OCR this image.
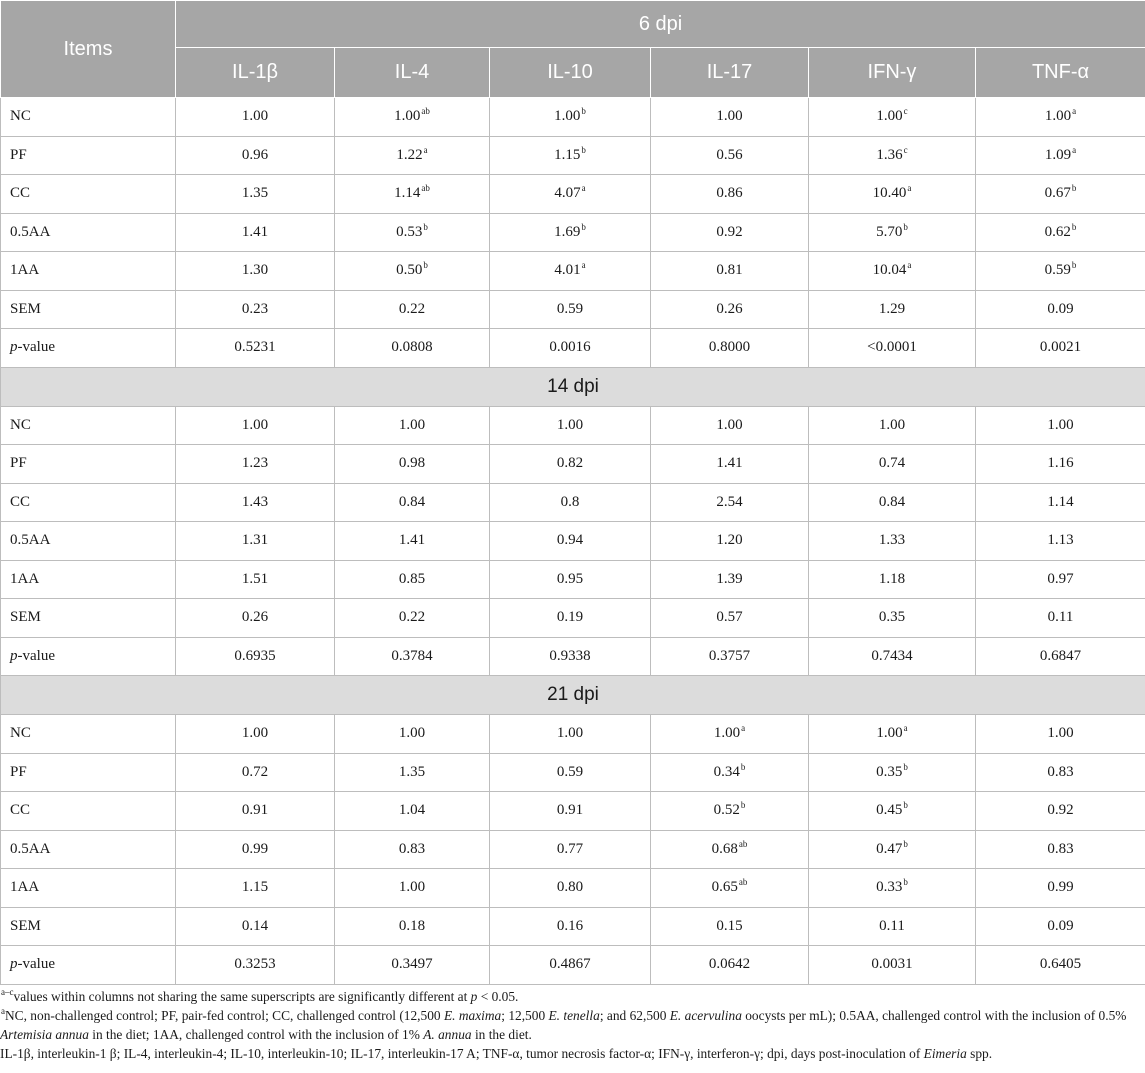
Items	6 dpi					
	IL-1β	IL-4	IL-10	IL-17	IFN-γ	TNF-α
NC	1.00	1.00$^{ab}$	1.00$^b$	1.00	1.00$^c$	1.00$^a$
PF	0.96	1.22$^a$	1.15$^b$	0.56	1.36$^c$	1.09$^a$
CC	1.35	1.14$^{ab}$	4.07$^a$	0.86	10.40$^a$	0.67$^b$
0.5AA	1.41	0.53$^b$	1.69$^b$	0.92	5.70$^b$	0.62$^b$
1AA	1.30	0.50$^b$	4.01$^a$	0.81	10.04$^a$	0.59$^b$
SEM	0.23	0.22	0.59	0.26	1.29	0.09
p-value	0.5231	0.0808	0.0016	0.8000	<0.0001	0.0021
14 dpi						
NC	1.00	1.00	1.00	1.00	1.00	1.00
PF	1.23	0.98	0.82	1.41	0.74	1.16
CC	1.43	0.84	0.8	2.54	0.84	1.14
0.5AA	1.31	1.41	0.94	1.20	1.33	1.13
1AA	1.51	0.85	0.95	1.39	1.18	0.97
SEM	0.26	0.22	0.19	0.57	0.35	0.11
p-value	0.6935	0.3784	0.9338	0.3757	0.7434	0.6847
21 dpi						
NC	1.00	1.00	1.00	1.00$^a$	1.00$^a$	1.00
PF	0.72	1.35	0.59	0.34$^b$	0.35$^b$	0.83
CC	0.91	1.04	0.91	0.52$^b$	0.45$^b$	0.92
0.5AA	0.99	0.83	0.77	0.68$^{ab}$	0.47$^b$	0.83
1AA	1.15	1.00	0.80	0.65$^{ab}$	0.33$^b$	0.99
SEM	0.14	0.18	0.16	0.15	0.11	0.09
p-value	0.3253	0.3497	0.4867	0.0642	0.0031	0.6405
$^{a-c}$values within columns not sharing the same superscripts are significantly different at p < 0.05.
$^a$NC, non-challenged control; PF, pair-fed control; CC, challenged control (12,500 E. maxima; 12,500 E. tenella; and 62,500 E. acervulina oocysts per mL); 0.5AA, challenged control with the inclusion of 0.5% Artemisia annua in the diet; 1AA, challenged control with the inclusion of 1% A. annua in the diet.
IL-1β, interleukin-1 β; IL-4, interleukin-4; IL-10, interleukin-10; IL-17, interleukin-17 A; TNF-α, tumor necrosis factor-α; IFN-γ, interferon-γ; dpi, days post-inoculation of Eimeria spp.
